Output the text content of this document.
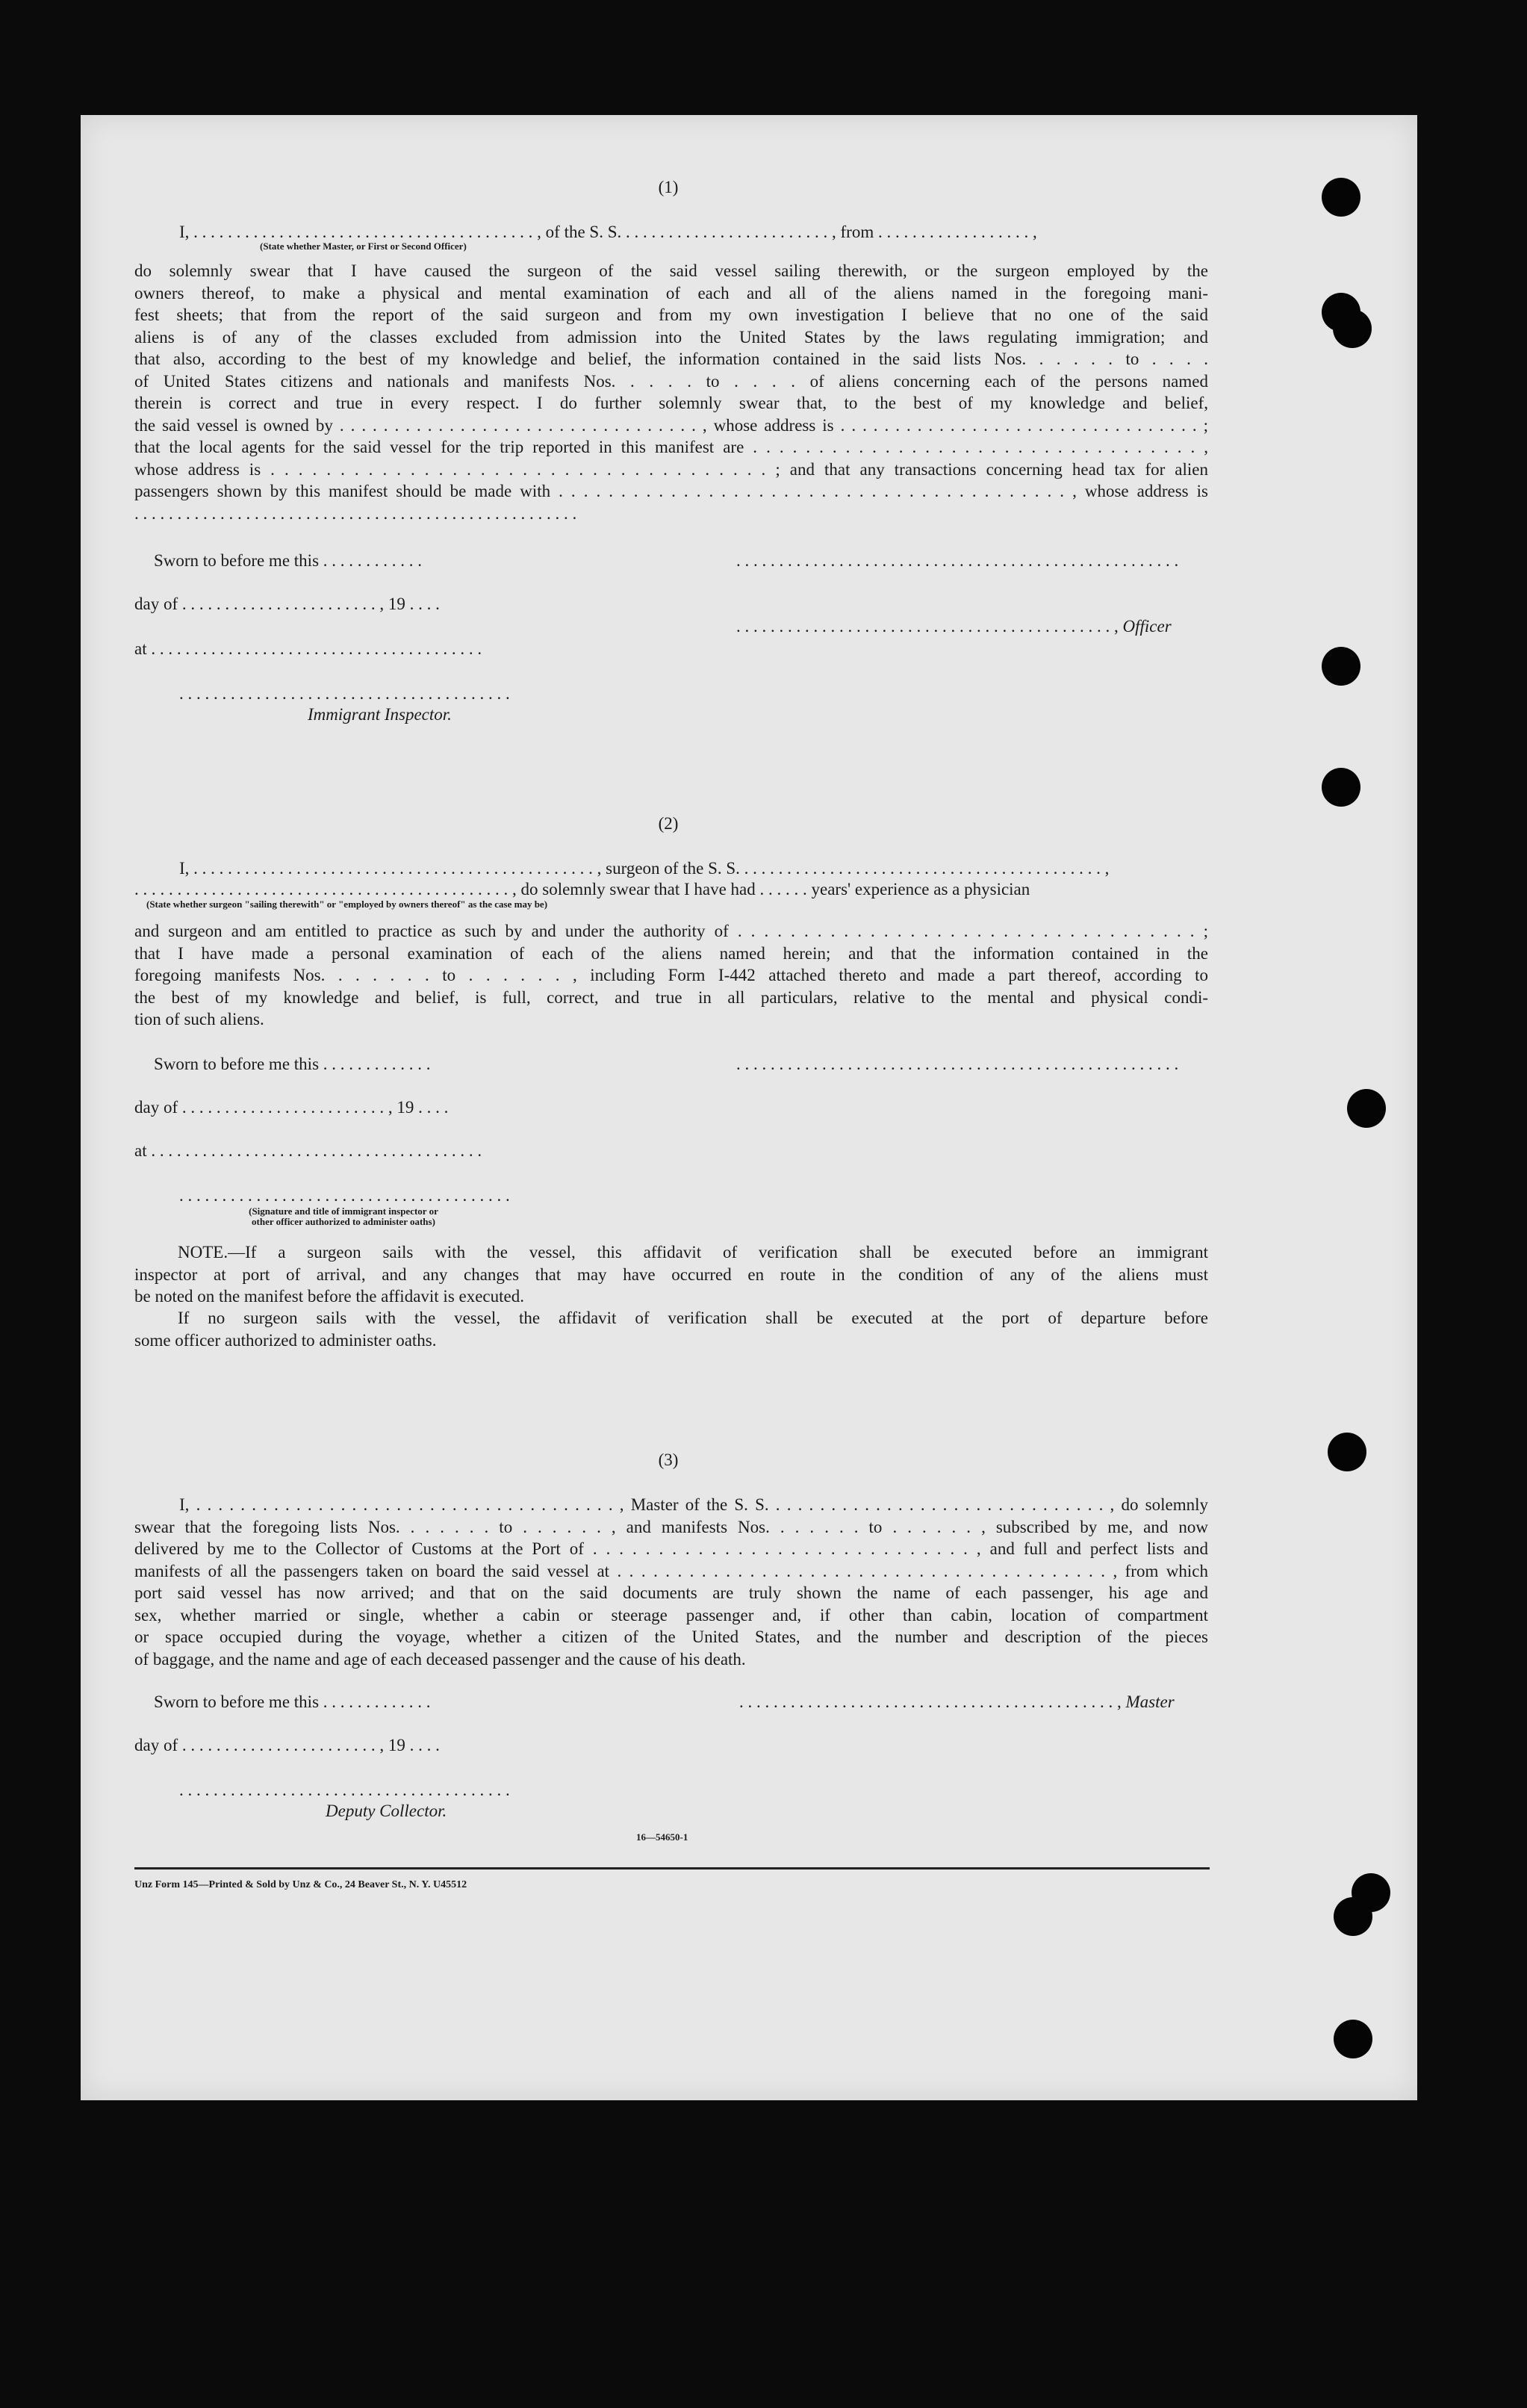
(1)
I, . . . . . . . . . . . . . . . . . . . . . . . . . . . . . . . . . . . . . . . . , of the S. S. . . . . . . . . . . . . . . . . . . . . . . . . , from . . . . . . . . . . . . . . . . . . ,
(State whether Master, or First or Second Officer)
do solemnly swear that I have caused the surgeon of the said vessel sailing therewith, or the surgeon employed by the
owners thereof, to make a physical and mental examination of each and all of the aliens named in the foregoing mani-
fest sheets; that from the report of the said surgeon and from my own investigation I believe that no one of the said
aliens is of any of the classes excluded from admission into the United States by the laws regulating immigration; and
that also, according to the best of my knowledge and belief, the information contained in the said lists Nos. . . . . . to . . . .
of United States citizens and nationals and manifests Nos. . . . . to . . . . of aliens concerning each of the persons named
therein is correct and true in every respect. I do further solemnly swear that, to the best of my knowledge and belief,
the said vessel is owned by . . . . . . . . . . . . . . . . . . . . . . . . . . . . . . . . . , whose address is . . . . . . . . . . . . . . . . . . . . . . . . . . . . . . . . . ;
that the local agents for the said vessel for the trip reported in this manifest are . . . . . . . . . . . . . . . . . . . . . . . . . . . . . . . . . . ,
whose address is . . . . . . . . . . . . . . . . . . . . . . . . . . . . . . . . . . . . ; and that any transactions concerning head tax for alien
passengers shown by this manifest should be made with . . . . . . . . . . . . . . . . . . . . . . . . . . . . . . . . . . . . . . . . . , whose address is
. . . . . . . . . . . . . . . . . . . . . . . . . . . . . . . . . . . . . . . . . . . . . . . . . . . .
Sworn to before me this . . . . . . . . . . . .	. . . . . . . . . . . . . . . . . . . . . . . . . . . . . . . . . . . . . . . . . . . . . . . . . . . .
day of . . . . . . . . . . . . . . . . . . . . . . . , 19 . . . .
. . . . . . . . . . . . . . . . . . . . . . . . . . . . . . . . . . . . . . . . . . . . , Officer
at . . . . . . . . . . . . . . . . . . . . . . . . . . . . . . . . . . . . . . .
. . . . . . . . . . . . . . . . . . . . . . . . . . . . . . . . . . . . . . .
Immigrant Inspector.
(2)
I, . . . . . . . . . . . . . . . . . . . . . . . . . . . . . . . . . . . . . . . . . . . . . . . , surgeon of the S. S. . . . . . . . . . . . . . . . . . . . . . . . . . . . . . . . . . . . . . . . . . . ,
. . . . . . . . . . . . . . . . . . . . . . . . . . . . . . . . . . . . . . . . . . . . , do solemnly swear that I have had . . . . . . years' experience as a physician
(State whether surgeon "sailing therewith" or "employed by owners thereof" as the case may be)
and surgeon and am entitled to practice as such by and under the authority of . . . . . . . . . . . . . . . . . . . . . . . . . . . . . . . . . . . ;
that I have made a personal examination of each of the aliens named herein; and that the information contained in the
foregoing manifests Nos. . . . . . . to . . . . . . , including Form I-442 attached thereto and made a part thereof, according to
the best of my knowledge and belief, is full, correct, and true in all particulars, relative to the mental and physical condi-
tion of such aliens.
Sworn to before me this . . . . . . . . . . . . .	. . . . . . . . . . . . . . . . . . . . . . . . . . . . . . . . . . . . . . . . . . . . . . . . . . . .
day of . . . . . . . . . . . . . . . . . . . . . . . . , 19 . . . .
at . . . . . . . . . . . . . . . . . . . . . . . . . . . . . . . . . . . . . . .
. . . . . . . . . . . . . . . . . . . . . . . . . . . . . . . . . . . . . . .
(Signature and title of immigrant inspector or
other officer authorized to administer oaths)
NOTE.—If a surgeon sails with the vessel, this affidavit of verification shall be executed before an immigrant
inspector at port of arrival, and any changes that may have occurred en route in the condition of any of the aliens must
be noted on the manifest before the affidavit is executed.
If no surgeon sails with the vessel, the affidavit of verification shall be executed at the port of departure before
some officer authorized to administer oaths.
(3)
I, . . . . . . . . . . . . . . . . . . . . . . . . . . . . . . . . . . . . . . , Master of the S. S. . . . . . . . . . . . . . . . . . . . . . . . . . . . . . . , do solemnly
swear that the foregoing lists Nos. . . . . . . to . . . . . . , and manifests Nos. . . . . . . to . . . . . . , subscribed by me, and now
delivered by me to the Collector of Customs at the Port of . . . . . . . . . . . . . . . . . . . . . . . . . . . . . , and full and perfect lists and
manifests of all the passengers taken on board the said vessel at . . . . . . . . . . . . . . . . . . . . . . . . . . . . . . . . . . . . . . . . . , from which
port said vessel has now arrived; and that on the said documents are truly shown the name of each passenger, his age and
sex, whether married or single, whether a cabin or steerage passenger and, if other than cabin, location of compartment
or space occupied during the voyage, whether a citizen of the United States, and the number and description of the pieces
of baggage, and the name and age of each deceased passenger and the cause of his death.
Sworn to before me this . . . . . . . . . . . . .	. . . . . . . . . . . . . . . . . . . . . . . . . . . . . . . . . . . . . . . . . . . . , Master
day of . . . . . . . . . . . . . . . . . . . . . . . , 19 . . . .
. . . . . . . . . . . . . . . . . . . . . . . . . . . . . . . . . . . . . . .
Deputy Collector.
16—54650-1
Unz Form 145—Printed & Sold by Unz & Co., 24 Beaver St., N. Y. U45512
